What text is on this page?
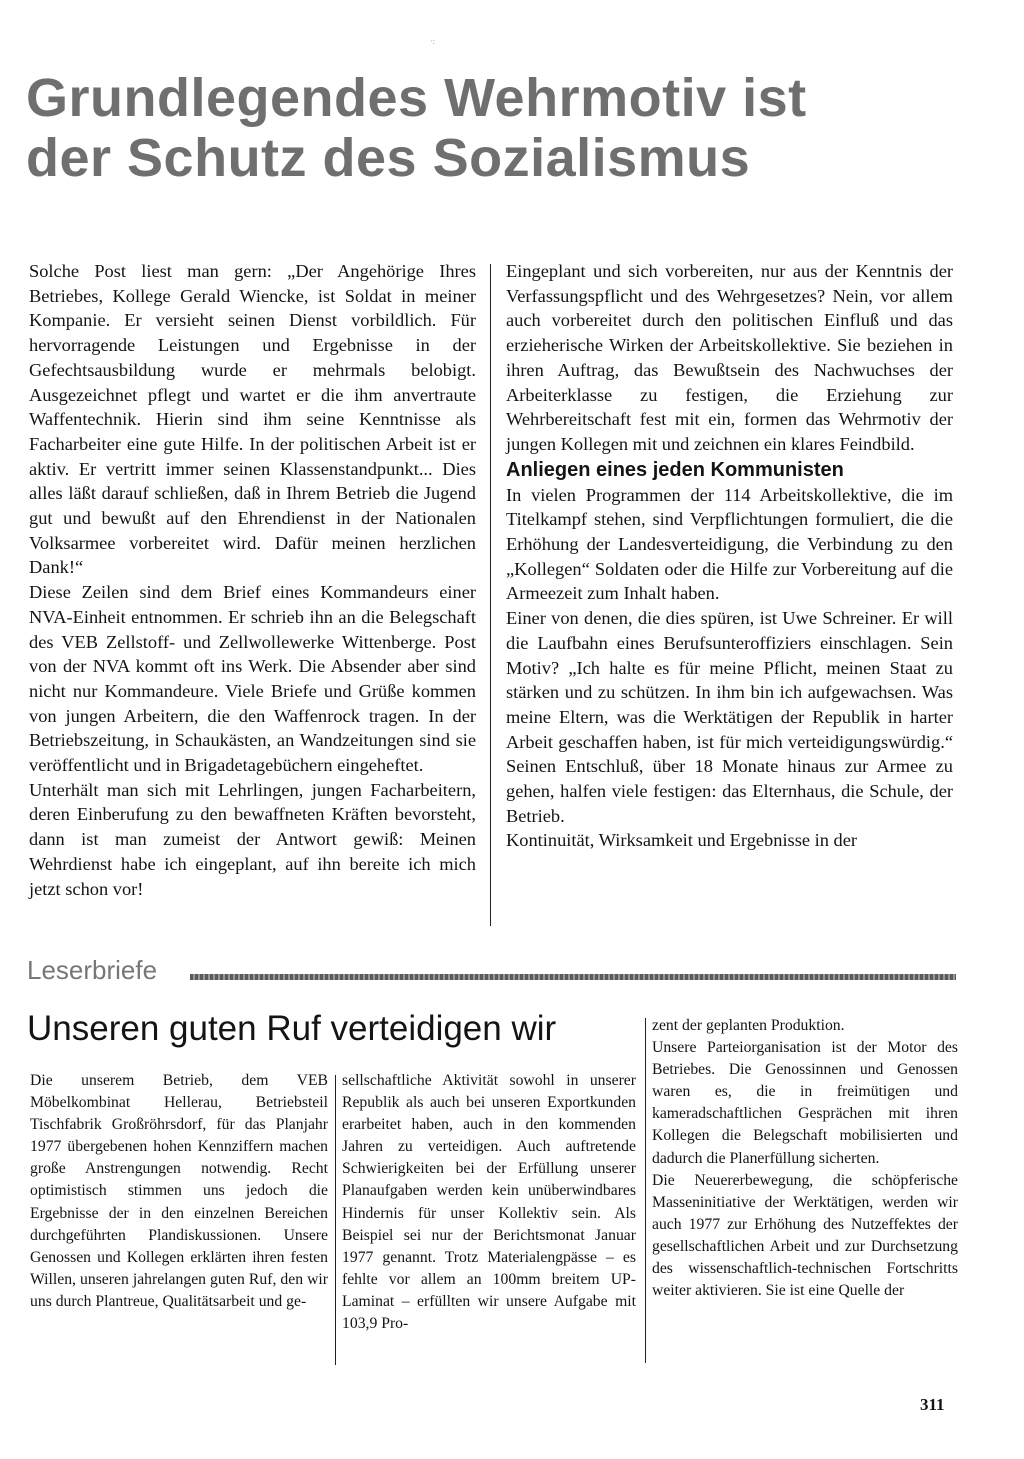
·:
Grundlegendes Wehrmotiv ist
der Schutz des Sozialismus

Solche Post liest man gern: „Der Angehörige Ihres Betriebes, Kollege Gerald Wiencke, ist Soldat in meiner Kompanie. Er versieht seinen Dienst vorbildlich. Für hervorragende Leistungen und Ergebnisse in der Gefechtsausbildung wurde er mehrmals belobigt. Ausgezeichnet pflegt und wartet er die ihm anvertraute Waffentechnik. Hierin sind ihm seine Kenntnisse als Facharbeiter eine gute Hilfe. In der politischen Arbeit ist er aktiv. Er vertritt immer seinen Klassenstandpunkt... Dies alles läßt darauf schließen, daß in Ihrem Betrieb die Jugend gut und bewußt auf den Ehrendienst in der Nationalen Volksarmee vorbereitet wird. Dafür meinen herzlichen Dank!“

Diese Zeilen sind dem Brief eines Kommandeurs einer NVA-Einheit entnommen. Er schrieb ihn an die Belegschaft des VEB Zellstoff- und Zellwollewerke Wittenberge. Post von der NVA kommt oft ins Werk. Die Absender aber sind nicht nur Kommandeure. Viele Briefe und Grüße kommen von jungen Arbeitern, die den Waffenrock tragen. In der Betriebszeitung, in Schaukästen, an Wandzeitungen sind sie veröffentlicht und in Brigadetagebüchern eingeheftet.

Unterhält man sich mit Lehrlingen, jungen Facharbeitern, deren Einberufung zu den bewaffneten Kräften bevorsteht, dann ist man zumeist der Antwort gewiß: Meinen Wehrdienst habe ich eingeplant, auf ihn bereite ich mich jetzt schon vor!

Eingeplant und sich vorbereiten, nur aus der Kenntnis der Verfassungspflicht und des Wehrgesetzes? Nein, vor allem auch vorbereitet durch den politischen Einfluß und das erzieherische Wirken der Arbeitskollektive. Sie beziehen in ihren Auftrag, das Bewußtsein des Nachwuchses der Arbeiterklasse zu festigen, die Erziehung zur Wehrbereitschaft fest mit ein, formen das Wehrmotiv der jungen Kollegen mit und zeichnen ein klares Feindbild.

Anliegen eines jeden Kommunisten

In vielen Programmen der 114 Arbeitskollektive, die im Titelkampf stehen, sind Verpflichtungen formuliert, die die Erhöhung der Landesverteidigung, die Verbindung zu den „Kollegen“ Soldaten oder die Hilfe zur Vorbereitung auf die Armeezeit zum Inhalt haben.

Einer von denen, die dies spüren, ist Uwe Schreiner. Er will die Laufbahn eines Berufsunteroffiziers einschlagen. Sein Motiv? „Ich halte es für meine Pflicht, meinen Staat zu stärken und zu schützen. In ihm bin ich aufgewachsen. Was meine Eltern, was die Werktätigen der Republik in harter Arbeit geschaffen haben, ist für mich verteidigungswürdig.“ Seinen Entschluß, über 18 Monate hinaus zur Armee zu gehen, halfen viele festigen: das Elternhaus, die Schule, der Betrieb.

Kontinuität, Wirksamkeit und Ergebnisse in der

Leserbriefe
Unseren guten Ruf verteidigen wir

Die unserem Betrieb, dem VEB Möbelkombinat Hellerau, Betriebsteil Tischfabrik Großröhrsdorf, für das Planjahr 1977 übergebenen hohen Kennziffern machen große Anstrengungen notwendig. Recht optimistisch stimmen uns jedoch die Ergebnisse der in den einzelnen Bereichen durchgeführten Plandiskussionen. Unsere Genossen und Kollegen erklärten ihren festen Willen, unseren jahrelangen guten Ruf, den wir uns durch Plantreue, Qualitätsarbeit und ge-

sellschaftliche Aktivität sowohl in unserer Republik als auch bei unseren Exportkunden erarbeitet haben, auch in den kommenden Jahren zu verteidigen. Auch auftretende Schwierigkeiten bei der Erfüllung unserer Planaufgaben werden kein unüberwindbares Hindernis für unser Kollektiv sein. Als Beispiel sei nur der Berichtsmonat Januar 1977 genannt. Trotz Materialengpässe – es fehlte vor allem an 100mm breitem UP-Laminat – erfüllten wir unsere Aufgabe mit 103,9 Pro-

zent der geplanten Produktion.

Unsere Parteiorganisation ist der Motor des Betriebes. Die Genossinnen und Genossen waren es, die in freimütigen und kameradschaftlichen Gesprächen mit ihren Kollegen die Belegschaft mobilisierten und dadurch die Planerfüllung sicherten.

Die Neuererbewegung, die schöpferische Masseninitiative der Werktätigen, werden wir auch 1977 zur Erhöhung des Nutzeffektes der gesellschaftlichen Arbeit und zur Durchsetzung des wissenschaftlich-technischen Fortschritts weiter aktivieren. Sie ist eine Quelle der

311
